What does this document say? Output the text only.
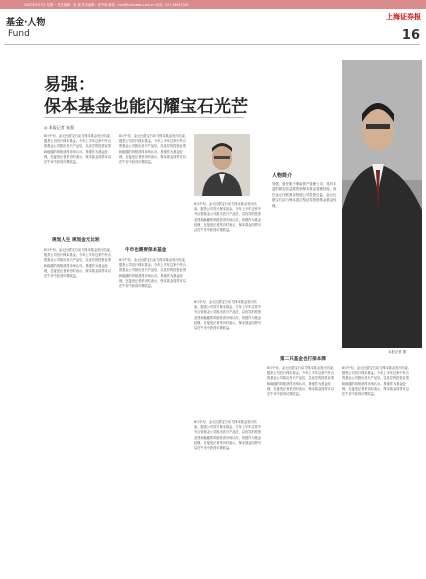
2007年9月3日 星期一 责任编辑：赵 俊 美术编辑：张劳涛 邮箱：cyw@sinanews.com.cn 电话：021-38967024
基金·人物
Fund
上海证券报
16
易强：
保本基金也能闪耀宝石光芒
◎ 本报记者 易强
8月中旬，金元比联宝石动力保本基金发行结束，据悉公司首只保本基金。今年上半年这家中外合资基金公司推出首只产品后，以优异的投资业绩和稳健的风格获得市场认可。易强作为基金经理，在接受记者采访时表示，保本基金同样可以在牛市中获得可观收益。
规划人生 规划金元比较
8月中旬，金元比联宝石动力保本基金发行结束，据悉公司首只保本基金。今年上半年这家中外合资基金公司推出首只产品后，以优异的投资业绩和稳健的风格获得市场认可。易强作为基金经理，在接受记者采访时表示，保本基金同样可以在牛市中获得可观收益。
8月中旬，金元比联宝石动力保本基金发行结束，据悉公司首只保本基金。今年上半年这家中外合资基金公司推出首只产品后，以优异的投资业绩和稳健的风格获得市场认可。易强作为基金经理，在接受记者采访时表示，保本基金同样可以在牛市中获得可观收益。
牛市也需要保本基金
8月中旬，金元比联宝石动力保本基金发行结束，据悉公司首只保本基金。今年上半年这家中外合资基金公司推出首只产品后，以优异的投资业绩和稳健的风格获得市场认可。易强作为基金经理，在接受记者采访时表示，保本基金同样可以在牛市中获得可观收益。
人物简介
易强，曾任职于保险资产管理公司，具有丰富的固定收益投资和保本基金管理经验。现任金元比联基金管理公司投资总监，金元比联宝石动力保本混合型证券投资基金基金经理。
8月中旬，金元比联宝石动力保本基金发行结束，据悉公司首只保本基金。今年上半年这家中外合资基金公司推出首只产品后，以优异的投资业绩和稳健的风格获得市场认可。易强作为基金经理，在接受记者采访时表示，保本基金同样可以在牛市中获得可观收益。
8月中旬，金元比联宝石动力保本基金发行结束，据悉公司首只保本基金。今年上半年这家中外合资基金公司推出首只产品后，以优异的投资业绩和稳健的风格获得市场认可。易强作为基金经理，在接受记者采访时表示，保本基金同样可以在牛市中获得可观收益。
第二只基金也打保本牌
本报记者 摄
8月中旬，金元比联宝石动力保本基金发行结束，据悉公司首只保本基金。今年上半年这家中外合资基金公司推出首只产品后，以优异的投资业绩和稳健的风格获得市场认可。易强作为基金经理，在接受记者采访时表示，保本基金同样可以在牛市中获得可观收益。
8月中旬，金元比联宝石动力保本基金发行结束，据悉公司首只保本基金。今年上半年这家中外合资基金公司推出首只产品后，以优异的投资业绩和稳健的风格获得市场认可。易强作为基金经理，在接受记者采访时表示，保本基金同样可以在牛市中获得可观收益。
8月中旬，金元比联宝石动力保本基金发行结束，据悉公司首只保本基金。今年上半年这家中外合资基金公司推出首只产品后，以优异的投资业绩和稳健的风格获得市场认可。易强作为基金经理，在接受记者采访时表示，保本基金同样可以在牛市中获得可观收益。
